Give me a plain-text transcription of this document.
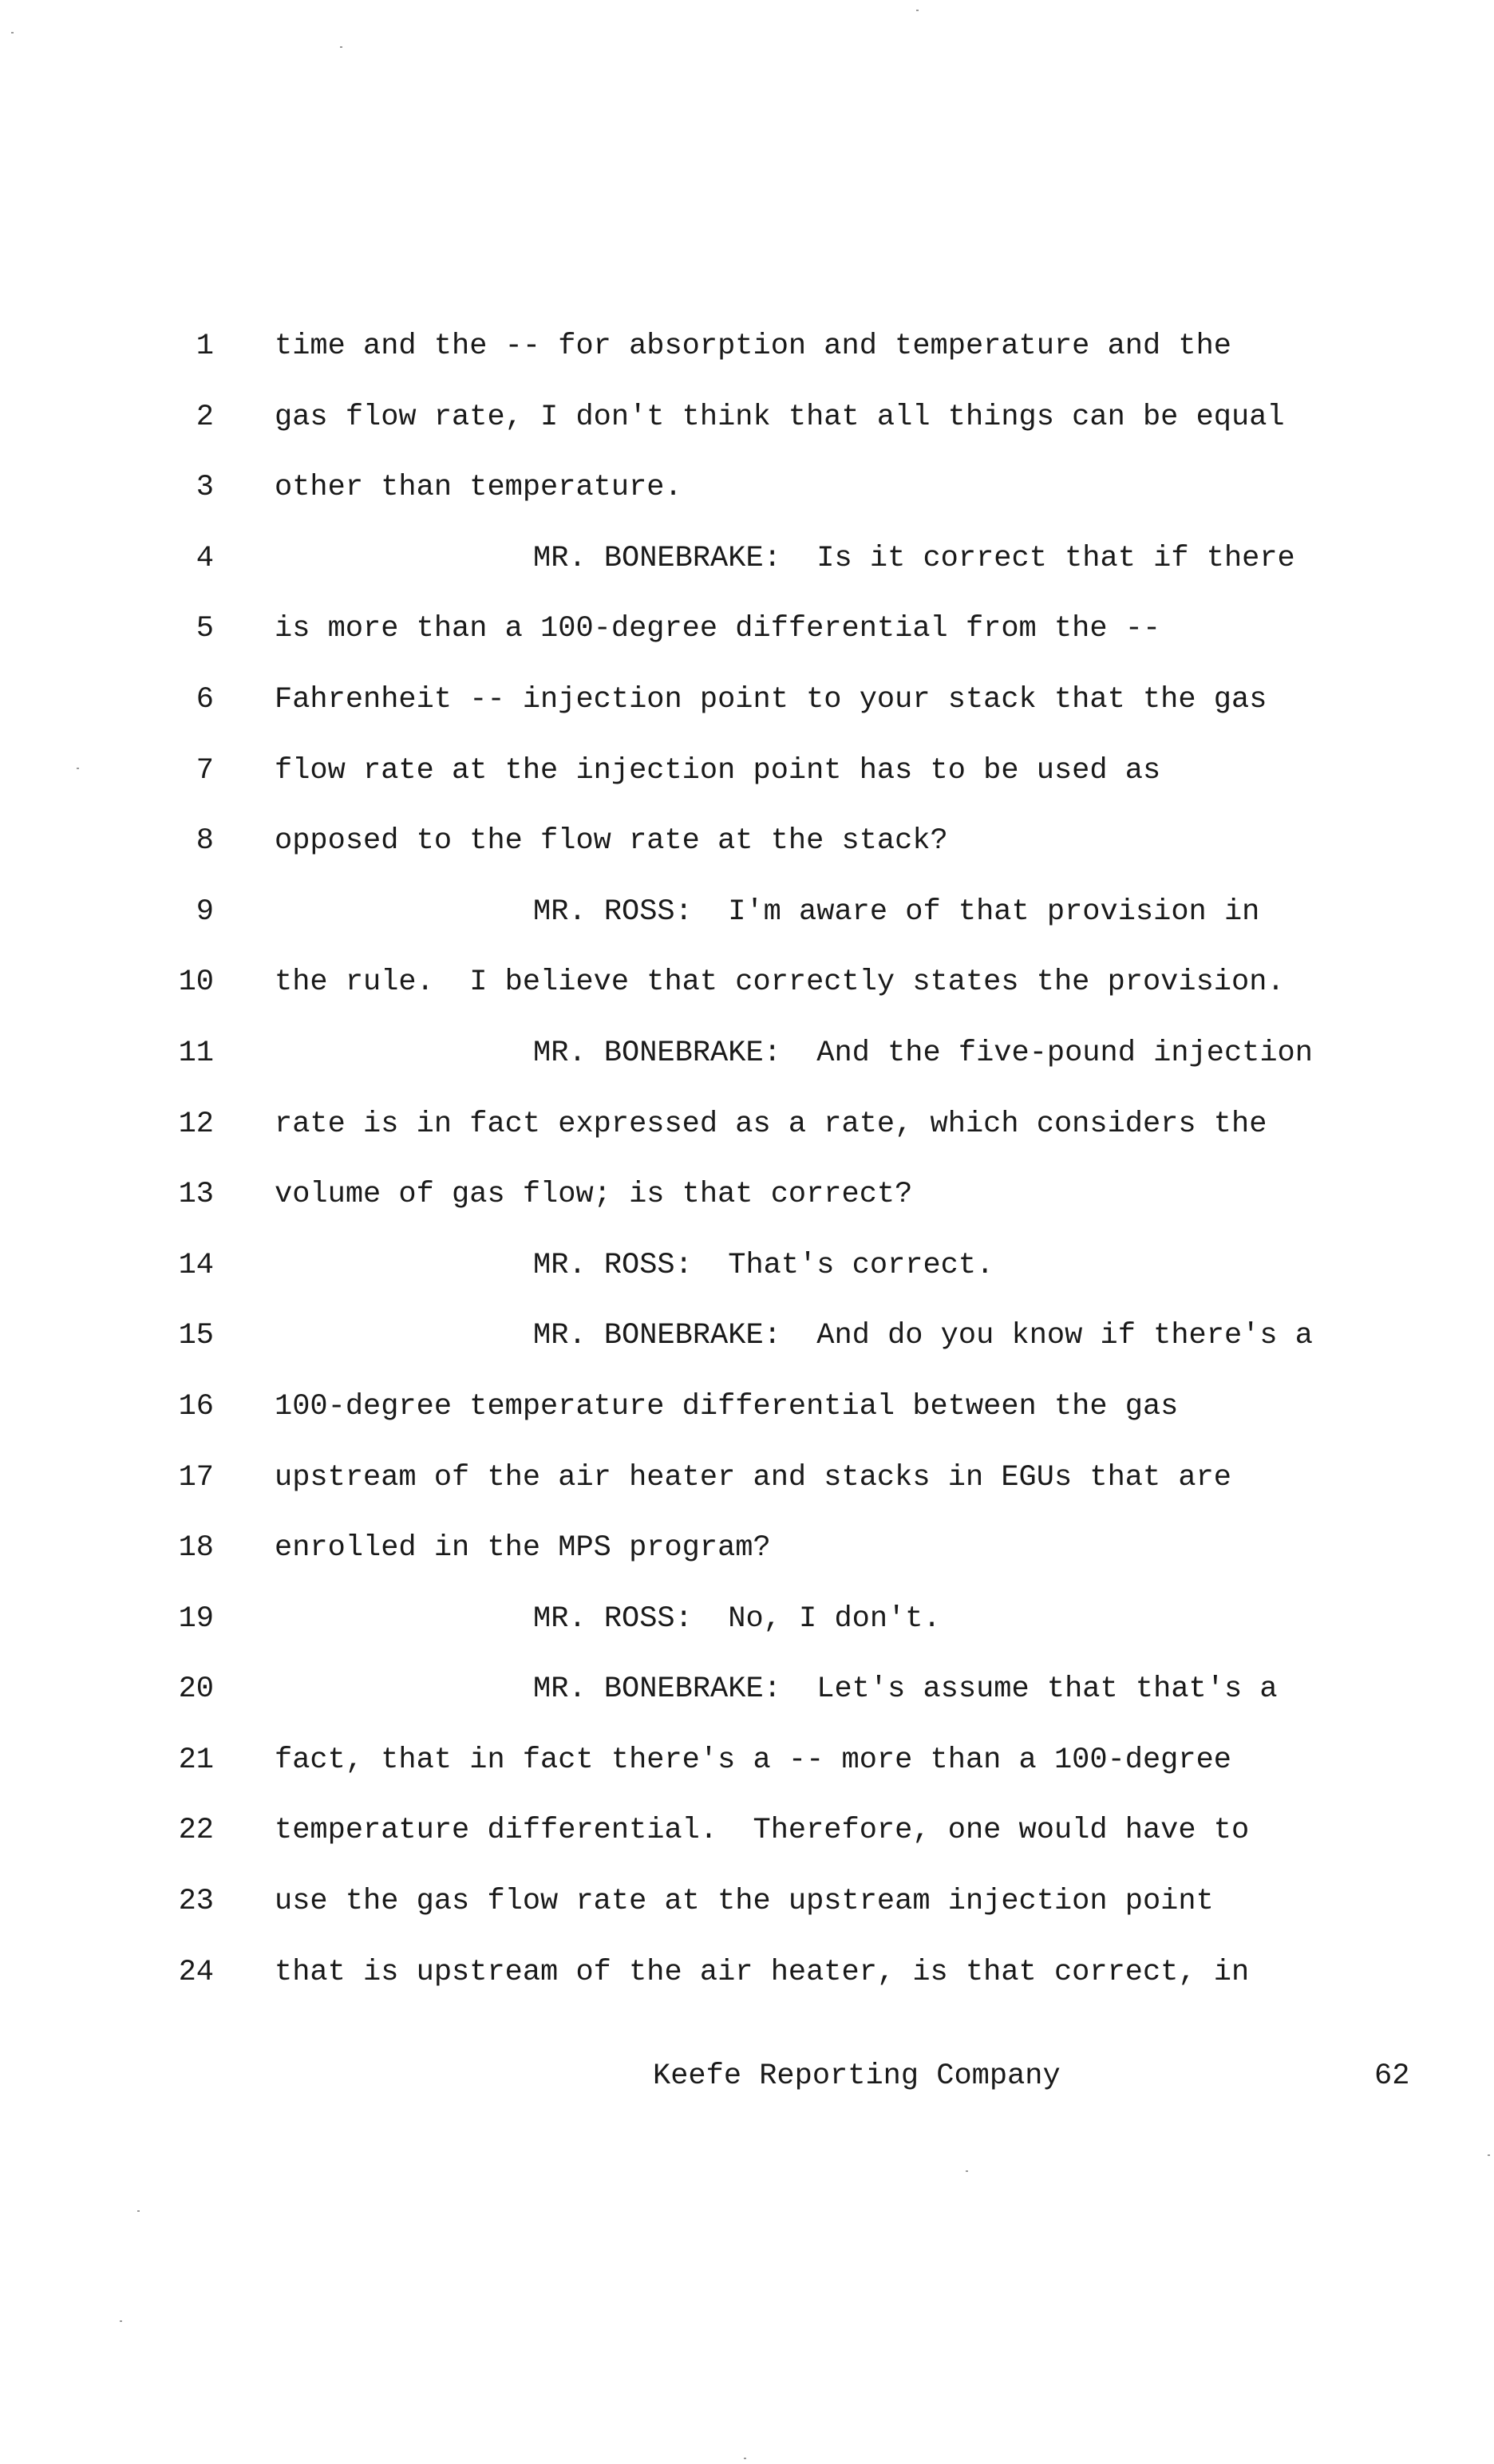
1 time and the -- for absorption and temperature and the
2 gas flow rate, I don't think that all things can be equal
3 other than temperature.
4	MR. BONEBRAKE:  Is it correct that if there
5 is more than a 100-degree differential from the --
6 Fahrenheit -- injection point to your stack that the gas
7 flow rate at the injection point has to be used as
8 opposed to the flow rate at the stack?
9	MR. ROSS:  I'm aware of that provision in
10 the rule.  I believe that correctly states the provision.
11	MR. BONEBRAKE:  And the five-pound injection
12 rate is in fact expressed as a rate, which considers the
13 volume of gas flow; is that correct?
14	MR. ROSS:  That's correct.
15	MR. BONEBRAKE:  And do you know if there's a
16 100-degree temperature differential between the gas
17 upstream of the air heater and stacks in EGUs that are
18 enrolled in the MPS program?
19	MR. ROSS:  No, I don't.
20	MR. BONEBRAKE:  Let's assume that that's a
21 fact, that in fact there's a -- more than a 100-degree
22 temperature differential.  Therefore, one would have to
23 use the gas flow rate at the upstream injection point
24 that is upstream of the air heater, is that correct, in
Keefe Reporting Company	62
